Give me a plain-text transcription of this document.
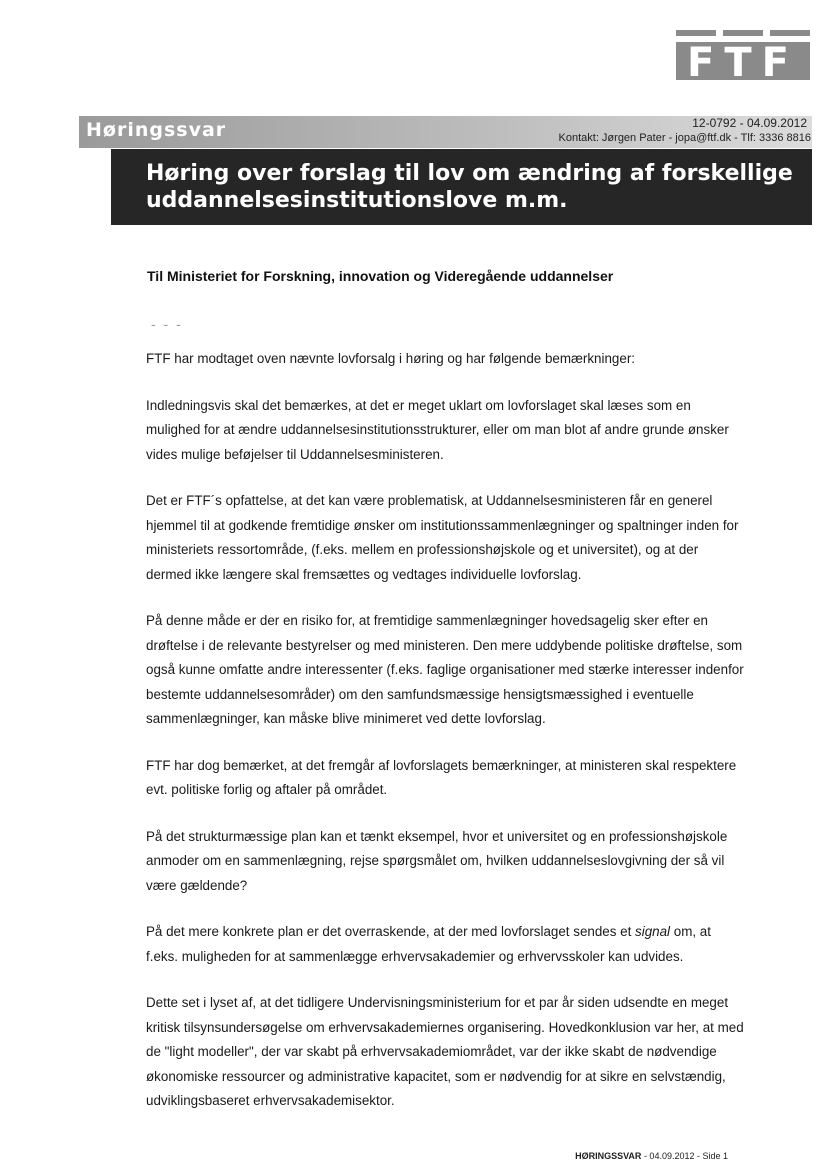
FTF
Høringssvar	12-0792 - 04.09.2012
Kontakt: Jørgen Pater - jopa@ftf.dk - Tlf: 3336 8816
Høring over forslag til lov om ændring af forskellige uddannelsesinstitutionslove m.m.
Til Ministeriet for Forskning, innovation og Videregående uddannelser
- - -

FTF har modtaget oven nævnte lovforsalg i høring og har følgende bemærkninger:

Indledningsvis skal det bemærkes, at det er meget uklart om lovforslaget skal læses som en mulighed for at ændre uddannelsesinstitutionsstrukturer, eller om man blot af andre grunde ønsker vides mulige beføjelser til Uddannelsesministeren.

Det er FTF´s opfattelse, at det kan være problematisk, at Uddannelsesministeren får en generel hjemmel til at godkende fremtidige ønsker om institutionssammenlægninger og spaltninger inden for ministeriets ressortområde, (f.eks. mellem en professionshøjskole og et universitet), og at der dermed ikke længere skal fremsættes og vedtages individuelle lovforslag.

På denne måde er der en risiko for, at fremtidige sammenlægninger hovedsagelig sker efter en drøftelse i de relevante bestyrelser og med ministeren. Den mere uddybende politiske drøftelse, som også kunne omfatte andre interessenter (f.eks. faglige organisationer med stærke interesser indenfor bestemte uddannelsesområder) om den samfundsmæssige hensigtsmæssighed i eventuelle sammenlægninger, kan måske blive minimeret ved dette lovforslag.

FTF har dog bemærket, at det fremgår af lovforslagets bemærkninger, at ministeren skal respektere evt. politiske forlig og aftaler på området.

På det strukturmæssige plan kan et tænkt eksempel, hvor et universitet og en professionshøjskole anmoder om en sammenlægning, rejse spørgsmålet om, hvilken uddannelseslovgivning der så vil være gældende?

På det mere konkrete plan er det overraskende, at der med lovforslaget sendes et signal om, at f.eks. muligheden for at sammenlægge erhvervsakademier og erhvervsskoler kan udvides.

Dette set i lyset af, at det tidligere Undervisningsministerium for et par år siden udsendte en meget kritisk tilsynsundersøgelse om erhvervsakademiernes organisering. Hovedkonklusion var her, at med de "light modeller", der var skabt på erhvervsakademiområdet, var der ikke skabt de nødvendige økonomiske ressourcer og administrative kapacitet, som er nødvendig for at sikre en selvstændig, udviklingsbaseret erhvervsakademisektor.

HØRINGSSVAR - 04.09.2012 - Side 1
